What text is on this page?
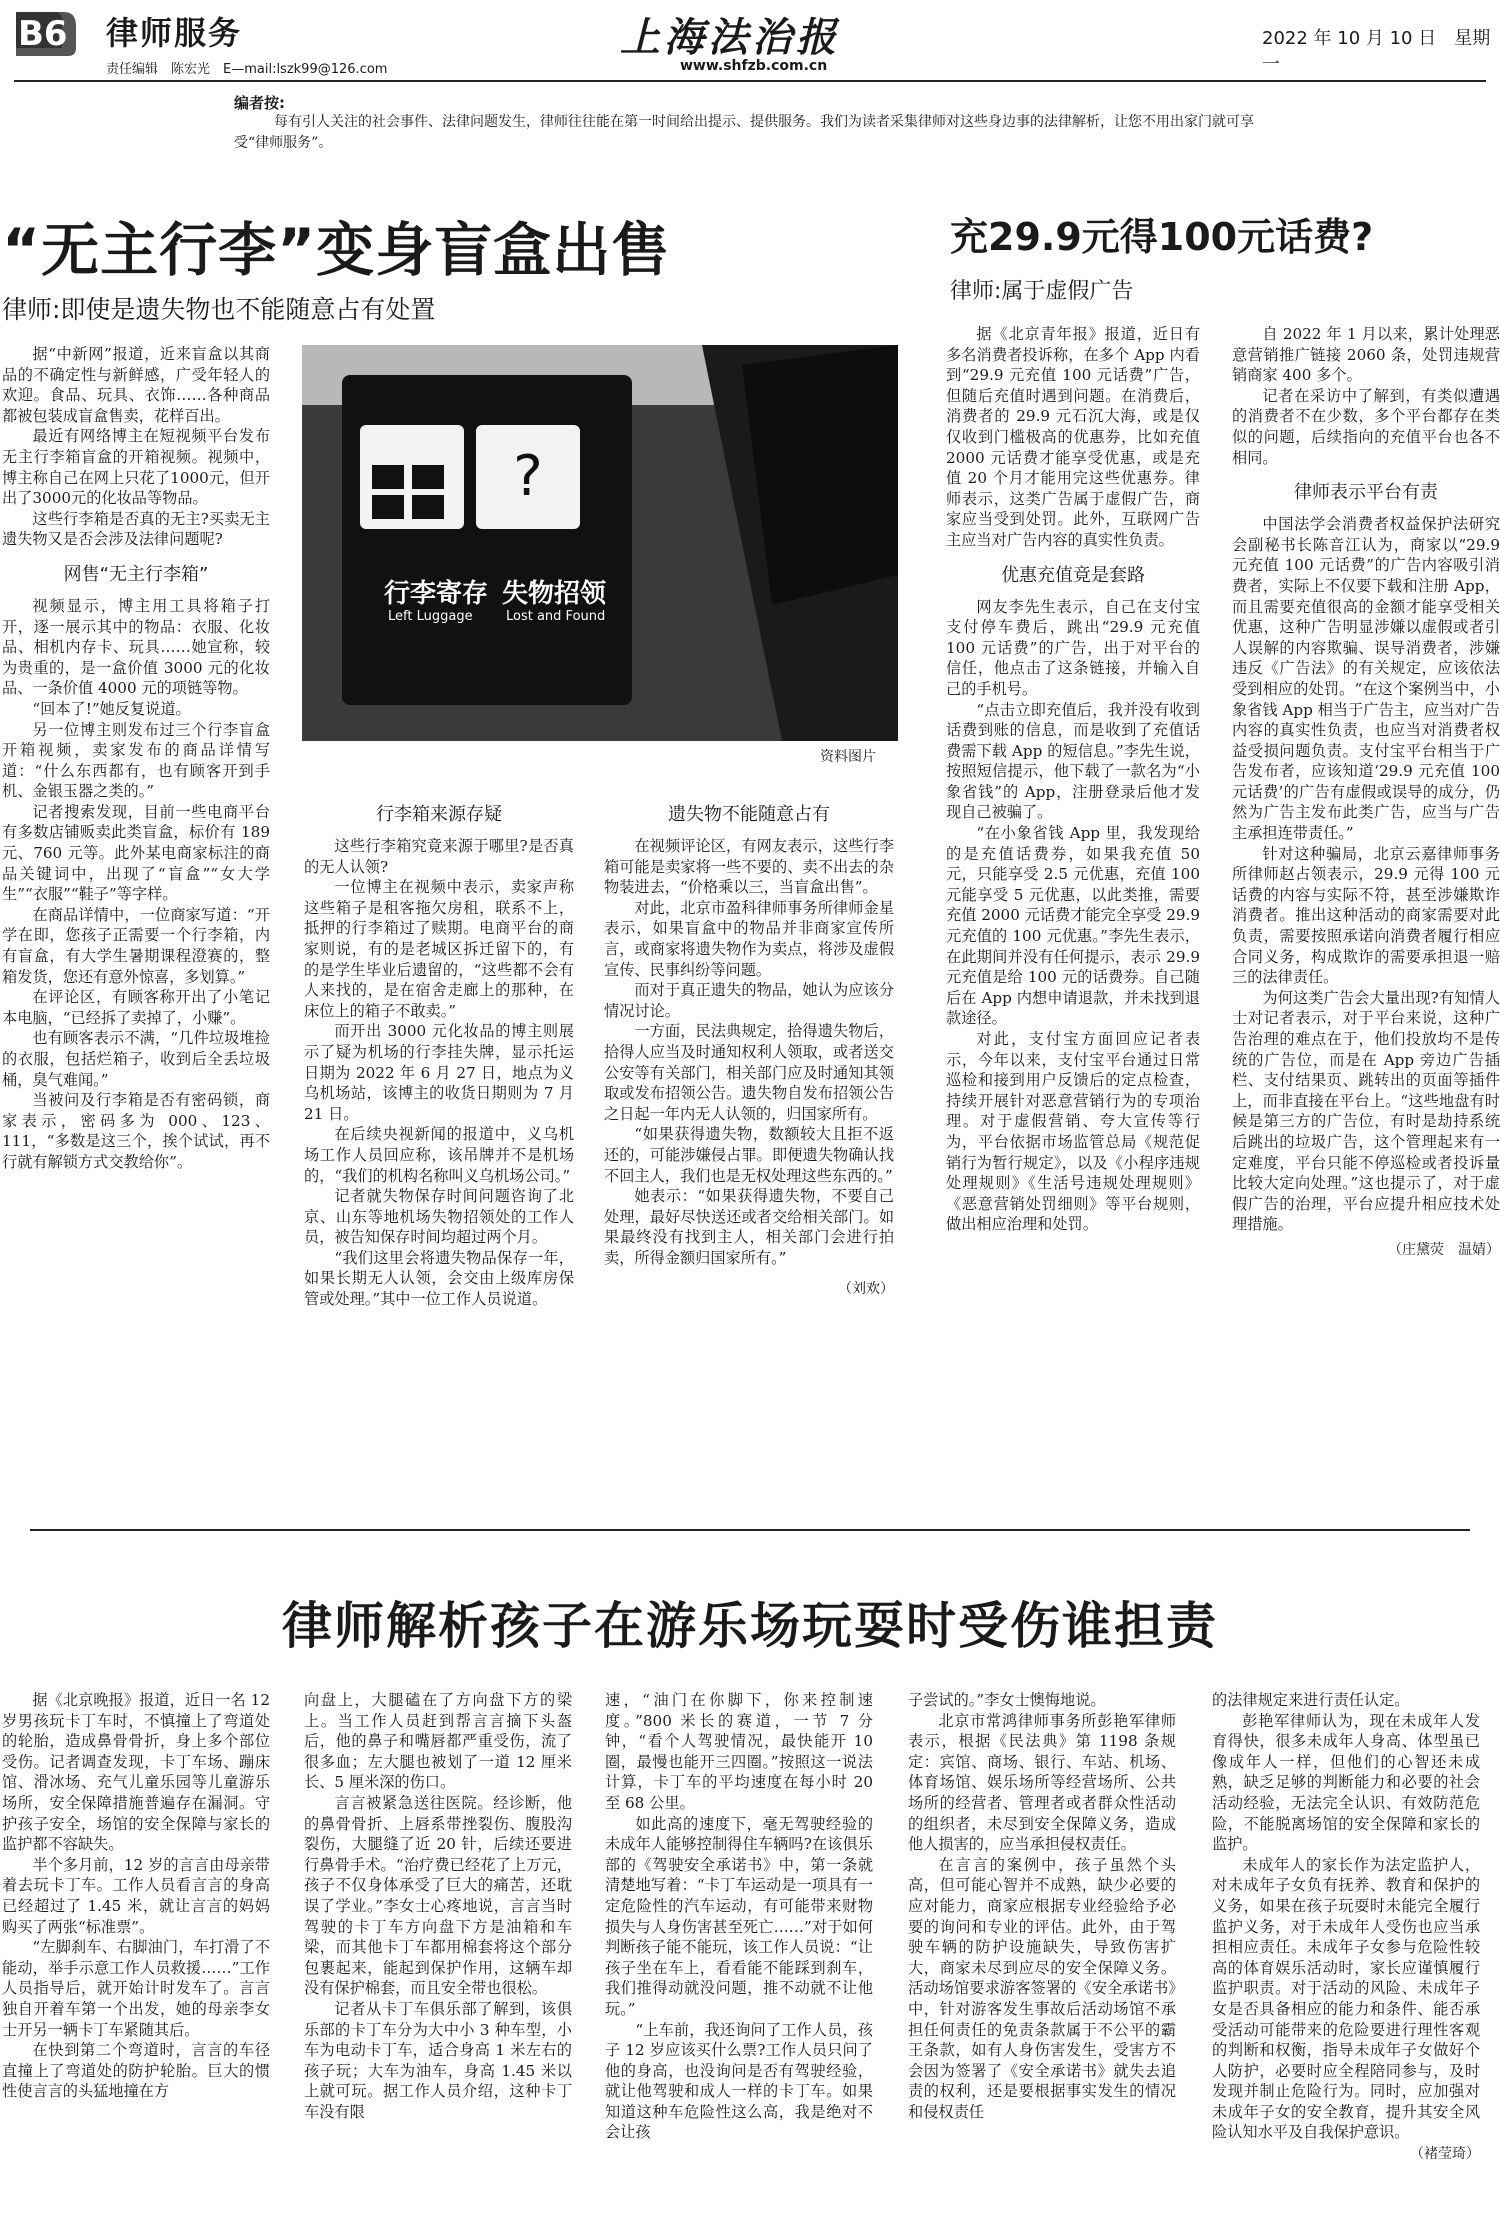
B6 律师服务
责任编辑　陈宏光　E—mail:lszk99@126.com
上海法治报
www.shfzb.com.cn
2022 年 10 月 10 日　星期一
编者按:
每有引人关注的社会事件、法律问题发生，律师往往能在第一时间给出提示、提供服务。我们为读者采集律师对这些身边事的法律解析，让您不用出家门就可享受“律师服务”。
“无主行李”变身盲盒出售
律师:即使是遗失物也不能随意占有处置
?
行李寄存
Left Luggage
失物招领
Lost and Found
资料图片

据“中新网”报道，近来盲盒以其商品的不确定性与新鲜感，广受年轻人的欢迎。食品、玩具、衣饰……各种商品都被包装成盲盒售卖，花样百出。

最近有网络博主在短视频平台发布无主行李箱盲盒的开箱视频。视频中，博主称自己在网上只花了1000元，但开出了3000元的化妆品等物品。

这些行李箱是否真的无主?买卖无主遗失物又是否会涉及法律问题呢?

网售“无主行李箱”

视频显示，博主用工具将箱子打开，逐一展示其中的物品：衣服、化妆品、相机内存卡、玩具……她宣称，较为贵重的，是一盒价值 3000 元的化妆品、一条价值 4000 元的项链等物。

“回本了!”她反复说道。

另一位博主则发布过三个行李盲盒开箱视频，卖家发布的商品详情写道：“什么东西都有，也有顾客开到手机、金银玉器之类的。”

记者搜索发现，目前一些电商平台有多数店铺贩卖此类盲盒，标价有 189 元、760 元等。此外某电商家标注的商品关键词中，出现了“盲盒”“女大学生”“衣服”“鞋子”等字样。

在商品详情中，一位商家写道：“开学在即，您孩子正需要一个行李箱，内有盲盒，有大学生暑期课程澄赛的，整箱发货，您还有意外惊喜，多划算。”

在评论区，有顾客称开出了小笔记本电脑，“已经拆了卖掉了，小赚”。

也有顾客表示不满，“几件垃圾堆捡的衣服，包括烂箱子，收到后全丢垃圾桶，臭气难闻。”

当被问及行李箱是否有密码锁，商家表示，密码多为 000、123、111，“多数是这三个，挨个试试，再不行就有解锁方式交教给你”。

行李箱来源存疑

这些行李箱究竟来源于哪里?是否真的无人认领?

一位博主在视频中表示，卖家声称这些箱子是租客拖欠房租，联系不上，抵押的行李箱过了赎期。电商平台的商家则说，有的是老城区拆迁留下的，有的是学生毕业后遗留的，“这些都不会有人来找的，是在宿舍走廊上的那种，在床位上的箱子不敢卖。”

而开出 3000 元化妆品的博主则展示了疑为机场的行李挂失牌，显示托运日期为 2022 年 6 月 27 日，地点为义乌机场站，该博主的收货日期则为 7 月 21 日。

在后续央视新闻的报道中，义乌机场工作人员回应称，该吊牌并不是机场的，“我们的机构名称叫义乌机场公司。”

记者就失物保存时间问题咨询了北京、山东等地机场失物招领处的工作人员，被告知保存时间均超过两个月。

“我们这里会将遗失物品保存一年，如果长期无人认领，会交由上级库房保管或处理。”其中一位工作人员说道。

遗失物不能随意占有

在视频评论区，有网友表示，这些行李箱可能是卖家将一些不要的、卖不出去的杂物装进去，“价格乘以三，当盲盒出售”。

对此，北京市盈科律师事务所律师金星表示，如果盲盒中的物品并非商家宣传所言，或商家将遗失物作为卖点，将涉及虚假宣传、民事纠纷等问题。

而对于真正遗失的物品，她认为应该分情况讨论。

一方面，民法典规定，拾得遗失物后，拾得人应当及时通知权利人领取，或者送交公安等有关部门，相关部门应及时通知其领取或发布招领公告。遗失物自发布招领公告之日起一年内无人认领的，归国家所有。

“如果获得遗失物，数额较大且拒不返还的，可能涉嫌侵占罪。即便遗失物确认找不回主人，我们也是无权处理这些东西的。”

她表示：“如果获得遗失物，不要自己处理，最好尽快送还或者交给相关部门。如果最终没有找到主人，相关部门会进行拍卖，所得金额归国家所有。”

（刘欢）
充29.9元得100元话费?
律师:属于虚假广告

据《北京青年报》报道，近日有多名消费者投诉称，在多个 App 内看到“29.9 元充值 100 元话费”广告，但随后充值时遇到问题。在消费后，消费者的 29.9 元石沉大海，或是仅仅收到门槛极高的优惠券，比如充值 2000 元话费才能享受优惠，或是充值 20 个月才能用完这些优惠券。律师表示，这类广告属于虚假广告，商家应当受到处罚。此外，互联网广告主应当对广告内容的真实性负责。

优惠充值竟是套路

网友李先生表示，自己在支付宝支付停车费后，跳出“29.9 元充值 100 元话费”的广告，出于对平台的信任，他点击了这条链接，并输入自己的手机号。

“点击立即充值后，我并没有收到话费到账的信息，而是收到了充值话费需下载 App 的短信息。”李先生说，按照短信提示，他下载了一款名为“小象省钱”的 App，注册登录后他才发现自己被骗了。

“在小象省钱 App 里，我发现给的是充值话费券，如果我充值 50 元，只能享受 2.5 元优惠，充值 100 元能享受 5 元优惠，以此类推，需要充值 2000 元话费才能完全享受 29.9 元充值的 100 元优惠。”李先生表示，在此期间并没有任何提示，表示 29.9 元充值是给 100 元的话费券。自己随后在 App 内想申请退款，并未找到退款途径。

对此，支付宝方面回应记者表示，今年以来，支付宝平台通过日常巡检和接到用户反馈后的定点检查，持续开展针对恶意营销行为的专项治理。对于虚假营销、夸大宣传等行为，平台依据市场监管总局《规范促销行为暂行规定》，以及《小程序违规处理规则》《生活号违规处理规则》《恶意营销处罚细则》等平台规则，做出相应治理和处罚。

自 2022 年 1 月以来，累计处理恶意营销推广链接 2060 条，处罚违规营销商家 400 多个。

记者在采访中了解到，有类似遭遇的消费者不在少数，多个平台都存在类似的问题，后续指向的充值平台也各不相同。

律师表示平台有责

中国法学会消费者权益保护法研究会副秘书长陈音江认为，商家以“29.9 元充值 100 元话费”的广告内容吸引消费者，实际上不仅要下载和注册 App，而且需要充值很高的金额才能享受相关优惠，这种广告明显涉嫌以虚假或者引人误解的内容欺骗、误导消费者，涉嫌违反《广告法》的有关规定，应该依法受到相应的处罚。“在这个案例当中，小象省钱 App 相当于广告主，应当对广告内容的真实性负责，也应当对消费者权益受损问题负责。支付宝平台相当于广告发布者，应该知道‘29.9 元充值 100 元话费’的广告有虚假或误导的成分，仍然为广告主发布此类广告，应当与广告主承担连带责任。”

针对这种骗局，北京云嘉律师事务所律师赵占领表示，29.9 元得 100 元话费的内容与实际不符，甚至涉嫌欺诈消费者。推出这种活动的商家需要对此负责，需要按照承诺向消费者履行相应合同义务，构成欺诈的需要承担退一赔三的法律责任。

为何这类广告会大量出现?有知情人士对记者表示，对于平台来说，这种广告治理的难点在于，他们投放均不是传统的广告位，而是在 App 旁边广告插栏、支付结果页、跳转出的页面等插件上，而非直接在平台上。“这些地盘有时候是第三方的广告位，有时是劫持系统后跳出的垃圾广告，这个管理起来有一定难度，平台只能不停巡检或者投诉量比较大定向处理。”这也提示了，对于虚假广告的治理，平台应提升相应技术处理措施。

（庄黛荧　温婧）
律师解析孩子在游乐场玩耍时受伤谁担责

据《北京晚报》报道，近日一名 12 岁男孩玩卡丁车时，不慎撞上了弯道处的轮胎，造成鼻骨骨折，身上多个部位受伤。记者调查发现，卡丁车场、蹦床馆、滑冰场、充气儿童乐园等儿童游乐场所，安全保障措施普遍存在漏洞。守护孩子安全，场馆的安全保障与家长的监护都不容缺失。

半个多月前，12 岁的言言由母亲带着去玩卡丁车。工作人员看言言的身高已经超过了 1.45 米，就让言言的妈妈购买了两张“标准票”。

“左脚刹车、右脚油门，车打滑了不能动，举手示意工作人员救援……”工作人员指导后，就开始计时发车了。言言独自开着车第一个出发，她的母亲李女士开另一辆卡丁车紧随其后。

在快到第二个弯道时，言言的车径直撞上了弯道处的防护轮胎。巨大的惯性使言言的头猛地撞在方

向盘上，大腿磕在了方向盘下方的梁上。当工作人员赶到帮言言摘下头盔后，他的鼻子和嘴唇都严重受伤，流了很多血；左大腿也被划了一道 12 厘米长、5 厘米深的伤口。

言言被紧急送往医院。经诊断，他的鼻骨骨折、上唇系带挫裂伤、腹股沟裂伤，大腿缝了近 20 针，后续还要进行鼻骨手术。“治疗费已经花了上万元，孩子不仅身体承受了巨大的痛苦，还耽误了学业。”李女士心疼地说，言言当时驾驶的卡丁车方向盘下方是油箱和车梁，而其他卡丁车都用棉套将这个部分包裹起来，能起到保护作用，这辆车却没有保护棉套，而且安全带也很松。

记者从卡丁车俱乐部了解到，该俱乐部的卡丁车分为大中小 3 种车型，小车为电动卡丁车，适合身高 1 米左右的孩子玩；大车为油车，身高 1.45 米以上就可玩。据工作人员介绍，这种卡丁车没有限

速，“油门在你脚下，你来控制速度。”800 米长的赛道，一节 7 分钟，“看个人驾驶情况，最快能开 10 圈，最慢也能开三四圈。”按照这一说法计算，卡丁车的平均速度在每小时 20 至 68 公里。

如此高的速度下，毫无驾驶经验的未成年人能够控制得住车辆吗?在该俱乐部的《驾驶安全承诺书》中，第一条就清楚地写着：“卡丁车运动是一项具有一定危险性的汽车运动，有可能带来财物损失与人身伤害甚至死亡……”对于如何判断孩子能不能玩，该工作人员说：“让孩子坐在车上，看看能不能踩到刹车，我们推得动就没问题，推不动就不让他玩。”

“上车前，我还询问了工作人员，孩子 12 岁应该买什么票?工作人员只问了他的身高，也没询问是否有驾驶经验，就让他驾驶和成人一样的卡丁车。如果知道这种车危险性这么高，我是绝对不会让孩

子尝试的。”李女士懊悔地说。

北京市常鸿律师事务所彭艳军律师表示，根据《民法典》第 1198 条规定：宾馆、商场、银行、车站、机场、体育场馆、娱乐场所等经营场所、公共场所的经营者、管理者或者群众性活动的组织者，未尽到安全保障义务，造成他人损害的，应当承担侵权责任。

在言言的案例中，孩子虽然个头高，但可能心智并不成熟，缺少必要的应对能力，商家应根据专业经验给予必要的询问和专业的评估。此外，由于驾驶车辆的防护设施缺失，导致伤害扩大，商家未尽到应尽的安全保障义务。活动场馆要求游客签署的《安全承诺书》中，针对游客发生事故后活动场馆不承担任何责任的免责条款属于不公平的霸王条款，如有人身伤害发生，受害方不会因为签署了《安全承诺书》就失去追责的权利，还是要根据事实发生的情况和侵权责任

的法律规定来进行责任认定。

彭艳军律师认为，现在未成年人发育得快，很多未成年人身高、体型虽已像成年人一样，但他们的心智还未成熟，缺乏足够的判断能力和必要的社会活动经验，无法完全认识、有效防范危险，不能脱离场馆的安全保障和家长的监护。

未成年人的家长作为法定监护人，对未成年子女负有抚养、教育和保护的义务，如果在孩子玩耍时未能完全履行监护义务，对于未成年人受伤也应当承担相应责任。未成年子女参与危险性较高的体育娱乐活动时，家长应谨慎履行监护职责。对于活动的风险、未成年子女是否具备相应的能力和条件、能否承受活动可能带来的危险要进行理性客观的判断和权衡，指导未成年子女做好个人防护，必要时应全程陪同参与，及时发现并制止危险行为。同时，应加强对未成年子女的安全教育，提升其安全风险认知水平及自我保护意识。

（褚莹琦）
